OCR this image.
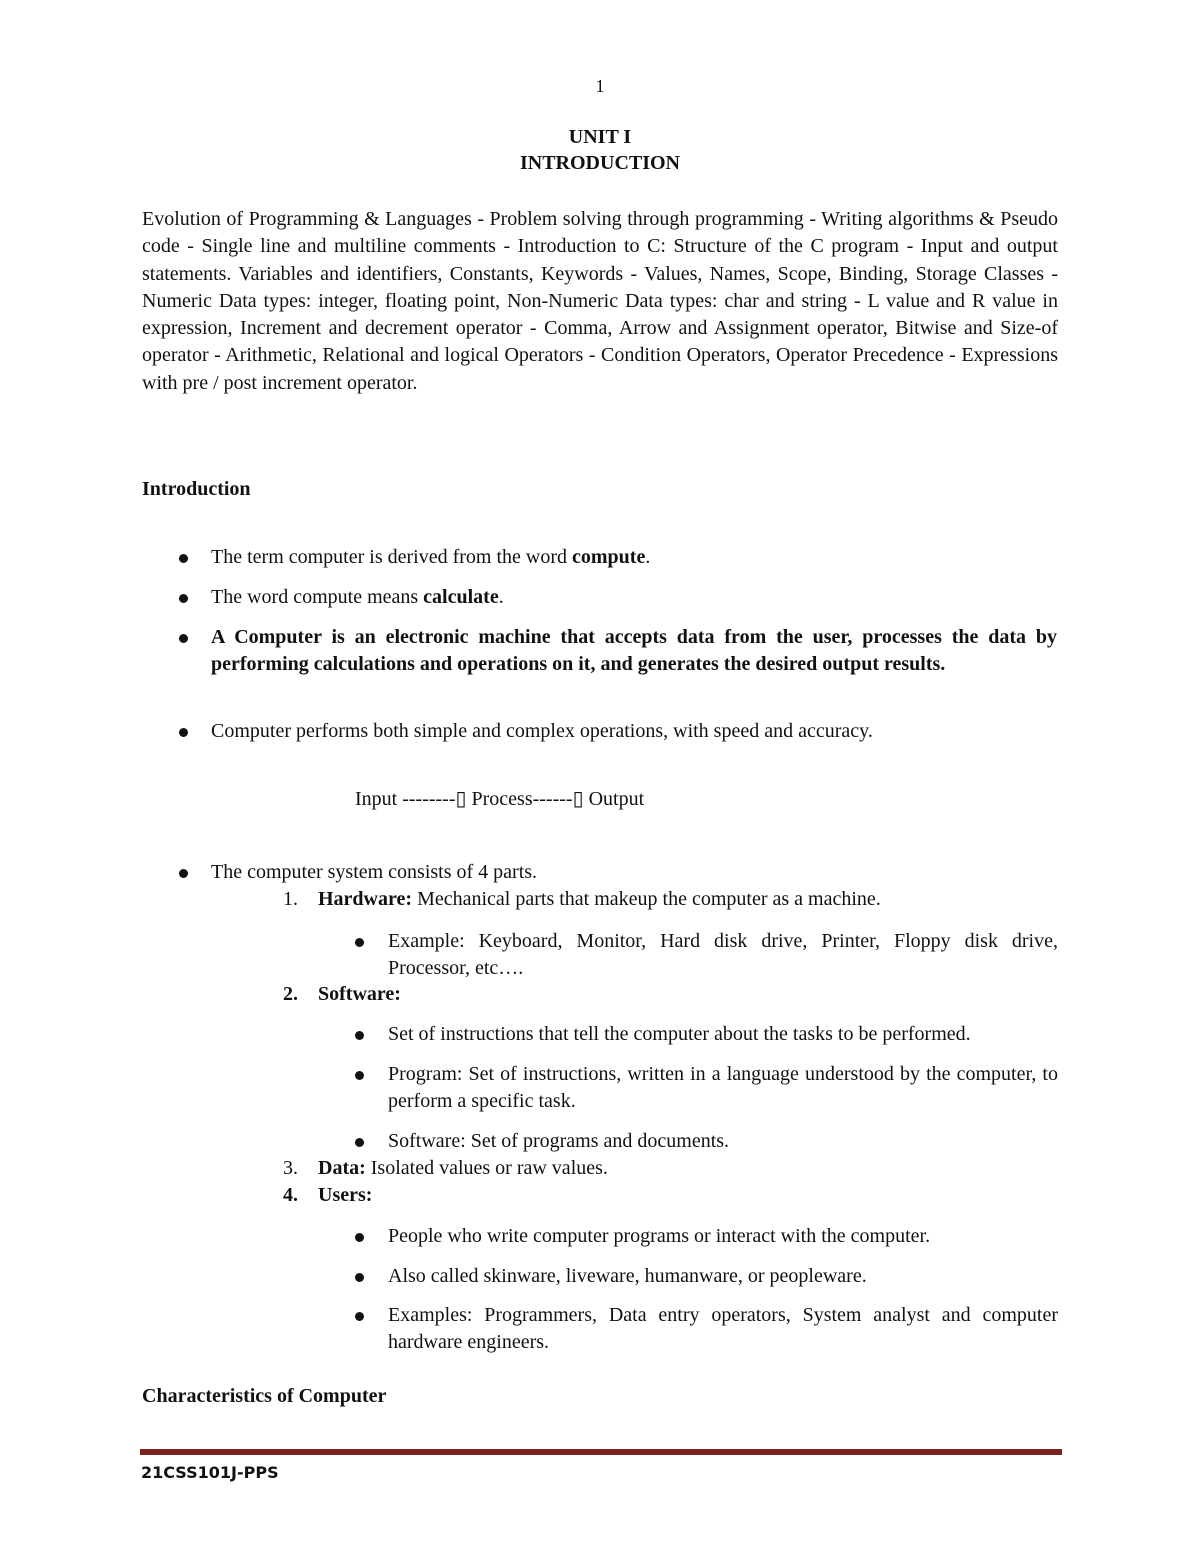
1
UNIT I
INTRODUCTION
Evolution of Programming & Languages - Problem solving through programming - Writing algorithms & Pseudo code - Single line and multiline comments - Introduction to C: Structure of the C program - Input and output statements. Variables and identifiers, Constants, Keywords - Values, Names, Scope, Binding, Storage Classes - Numeric Data types: integer, floating point, Non-Numeric Data types: char and string - L value and R value in expression, Increment and decrement operator - Comma, Arrow and Assignment operator, Bitwise and Size-of operator - Arithmetic, Relational and logical Operators - Condition Operators, Operator Precedence - Expressions with pre / post increment operator.
Introduction
The term computer is derived from the word compute.
The word compute means calculate.
A Computer is an electronic machine that accepts data from the user, processes the data by performing calculations and operations on it, and generates the desired output results.
Computer performs both simple and complex operations, with speed and accuracy.
Input --------▯ Process------▯ Output
The computer system consists of 4 parts.
1.	Hardware: Mechanical parts that makeup the computer as a machine.
Example: Keyboard, Monitor, Hard disk drive, Printer, Floppy disk drive, Processor, etc….
2.	Software:
Set of instructions that tell the computer about the tasks to be performed.
Program: Set of instructions, written in a language understood by the computer, to perform a specific task.
Software: Set of programs and documents.
3.	Data: Isolated values or raw values.
4.	Users:
People who write computer programs or interact with the computer.
Also called skinware, liveware, humanware, or peopleware.
Examples: Programmers, Data entry operators, System analyst and computer hardware engineers.
Characteristics of Computer
21CSS101J-PPS
